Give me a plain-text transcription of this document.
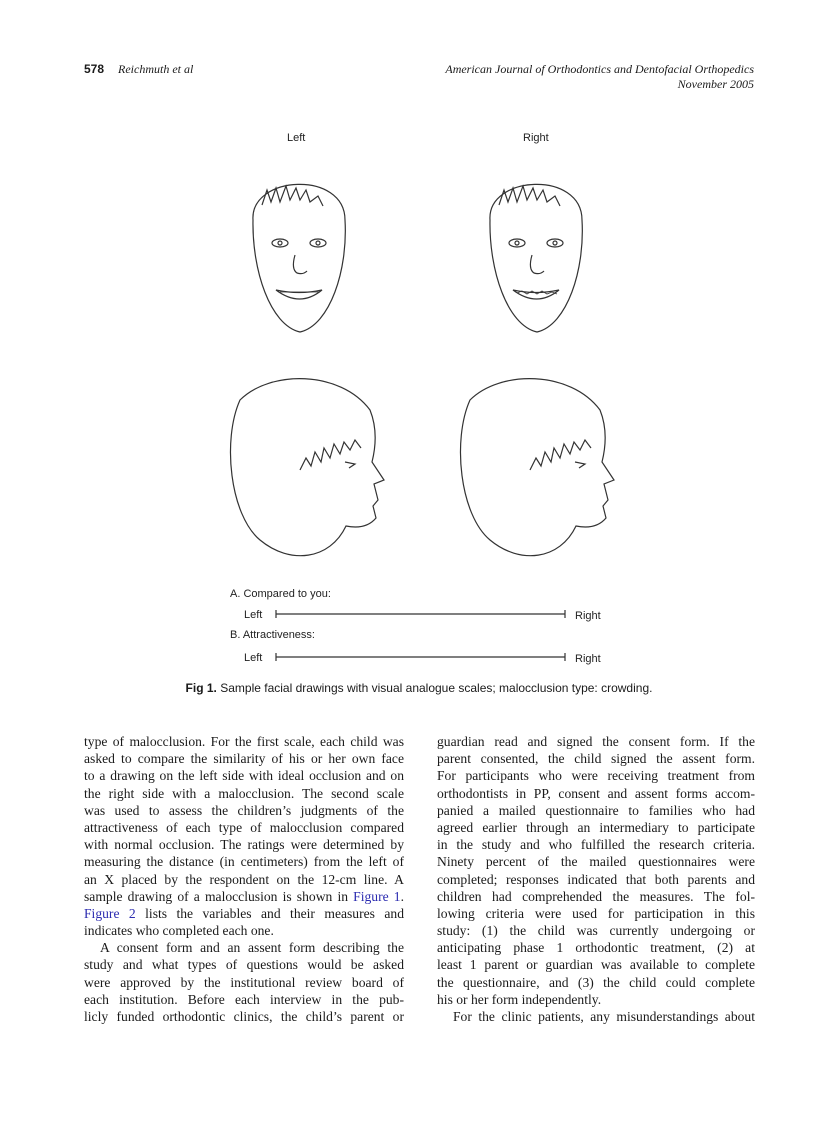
578 Reichmuth et al	American Journal of Orthodontics and Dentofacial Orthopedics
November 2005
Left	Right
A. Compared to you:
Left	Right
B. Attractiveness:
Left	Right
Fig 1. Sample facial drawings with visual analogue scales; malocclusion type: crowding.
type of malocclusion. For the first scale, each child was
asked to compare the similarity of his or her own face
to a drawing on the left side with ideal occlusion and on
the right side with a malocclusion. The second scale
was used to assess the children’s judgments of the
attractiveness of each type of malocclusion compared
with normal occlusion. The ratings were determined by
measuring the distance (in centimeters) from the left of
an X placed by the respondent on the 12-cm line. A
sample drawing of a malocclusion is shown in Figure 1.
Figure 2 lists the variables and their measures and
indicates who completed each one.
A consent form and an assent form describing the
study and what types of questions would be asked
were approved by the institutional review board of
each institution. Before each interview in the pub-
licly funded orthodontic clinics, the child’s parent or
guardian read and signed the consent form. If the
parent consented, the child signed the assent form.
For participants who were receiving treatment from
orthodontists in PP, consent and assent forms accom-
panied a mailed questionnaire to families who had
agreed earlier through an intermediary to participate
in the study and who fulfilled the research criteria.
Ninety percent of the mailed questionnaires were
completed; responses indicated that both parents and
children had comprehended the measures. The fol-
lowing criteria were used for participation in this
study: (1) the child was currently undergoing or
anticipating phase 1 orthodontic treatment, (2) at
least 1 parent or guardian was available to complete
the questionnaire, and (3) the child could complete
his or her form independently.
For the clinic patients, any misunderstandings about
